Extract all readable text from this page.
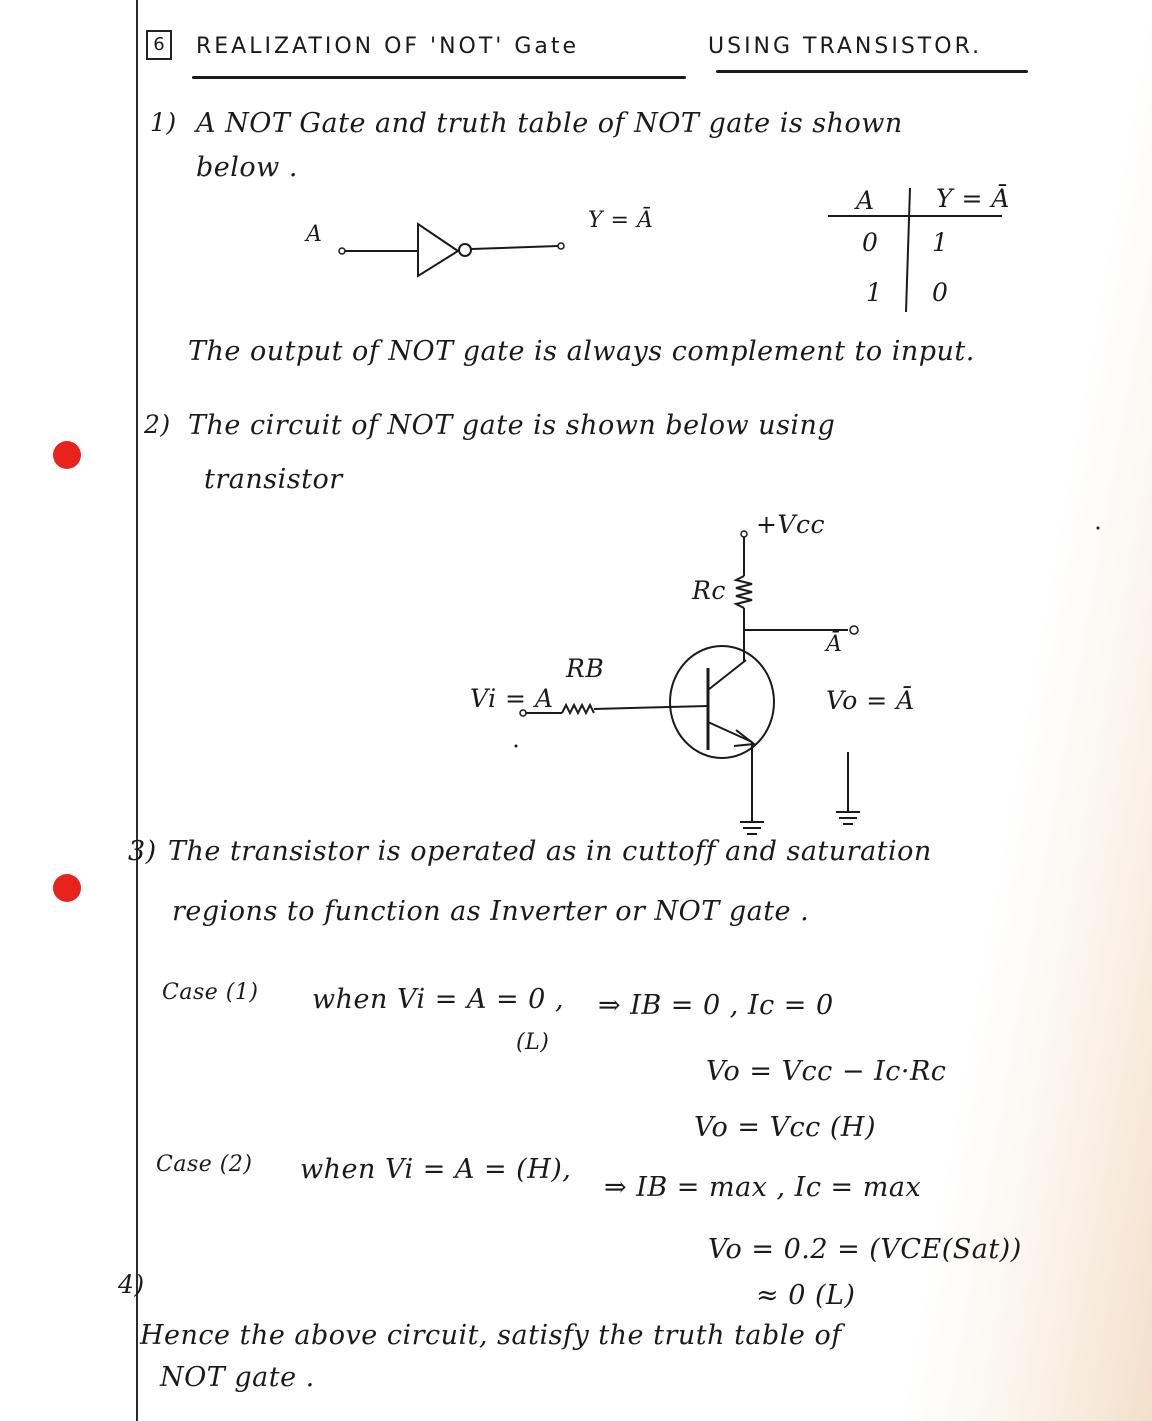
6	REALIZATION OF 'NOT' Gate	USING TRANSISTOR.
1) A NOT Gate and truth table of NOT gate is shown
below .
A
Y = Ā
A Y = Ā
0 1
1 0
The output of NOT gate is always complement to input.
2) The circuit of NOT gate is shown below using
transistor
+Vcc
Rc
RB
Vi = A
Ā
Vo = Ā
3) The transistor is operated as in cuttoff and saturation
regions to function as Inverter or NOT gate .
Case (1) when Vi = A = 0 ,
(L)
⇒ IB = 0 , Ic = 0
Vo = Vcc − Ic·Rc
Vo = Vcc (H)
Case (2) when Vi = A = (H),
⇒ IB = max , Ic = max
Vo = 0.2 = (VCE(Sat))
≈ 0 (L)
4)
Hence the above circuit, satisfy the truth table of
NOT gate .
